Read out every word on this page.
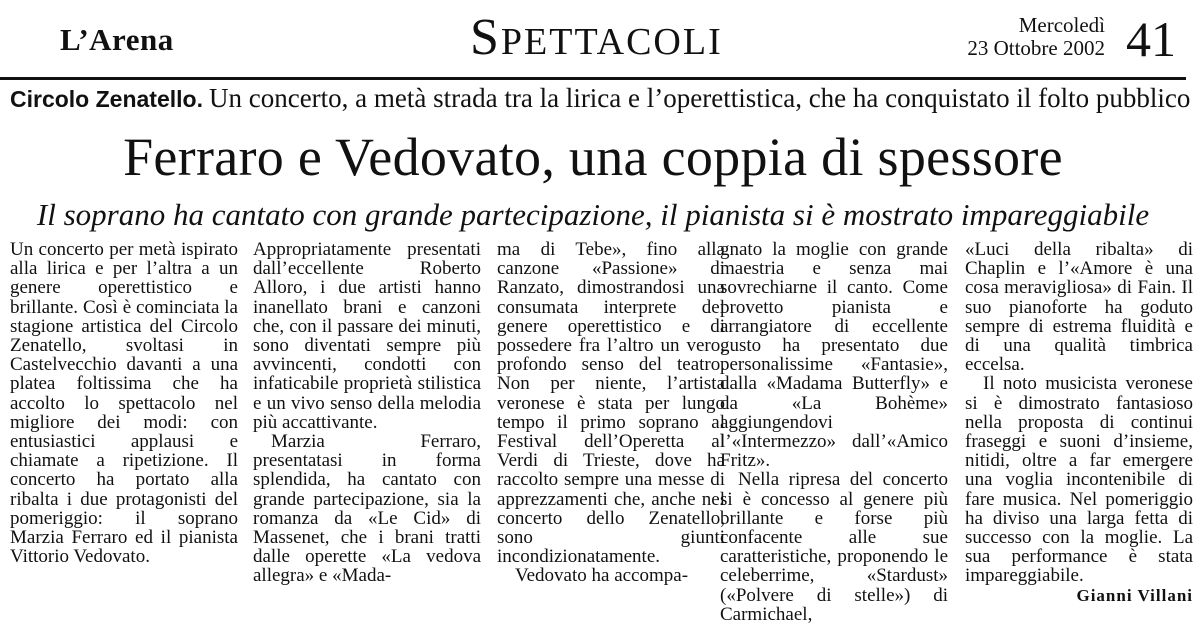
L’Arena	SPETTACOLI	Mercoledì
23 Ottobre 2002 41
Circolo Zenatello. Un concerto, a metà strada tra la lirica e l’operettistica, che ha conquistato il folto pubblico
Ferraro e Vedovato, una coppia di spessore
Il soprano ha cantato con grande partecipazione, il pianista si è mostrato impareggiabile

Un concerto per metà ispirato alla lirica e per l’altra a un genere operettistico e brillante. Così è cominciata la stagione artistica del Circolo Zenatello, svoltasi in Castelvecchio davanti a una platea foltissima che ha accolto lo spettacolo nel migliore dei modi: con entusiastici applausi e chiamate a ripetizione. Il concerto ha portato alla ribalta i due protagonisti del pomeriggio: il soprano Marzia Ferraro ed il pianista Vittorio Vedovato.

Appropriatamente presentati dall’eccellente Roberto Alloro, i due artisti hanno inanellato brani e canzoni che, con il passare dei minuti, sono diventati sempre più avvincenti, condotti con infaticabile proprietà stilistica e un vivo senso della melodia più accattivante.

Marzia Ferraro, presentatasi in forma splendida, ha cantato con grande partecipazione, sia la romanza da «Le Cid» di Massenet, che i brani tratti dalle operette «La vedova allegra» e «Mada-

ma di Tebe», fino alla canzone «Passione» di Ranzato, dimostrandosi una consumata interprete del genere operettistico e di possedere fra l’altro un vero, profondo senso del teatro. Non per niente, l’artista veronese è stata per lungo tempo il primo soprano al Festival dell’Operetta al Verdi di Trieste, dove ha raccolto sempre una messe di apprezzamenti che, anche nel concerto dello Zenatello, sono giunti incondizionatamente.

Vedovato ha accompa-

gnato la moglie con grande maestria e senza mai sovrechiarne il canto. Come provetto pianista e arrangiatore di eccellente gusto ha presentato due personalissime «Fantasie», dalla «Madama Butterfly» e da «La Bohème» aggiungendovi l’«Intermezzo» dall’«Amico Fritz».

Nella ripresa del concerto si è concesso al genere più brillante e forse più confacente alle sue caratteristiche, proponendo le celeberrime, «Stardust» («Polvere di stelle») di Carmichael,

«Luci della ribalta» di Chaplin e l’«Amore è una cosa meravigliosa» di Fain. Il suo pianoforte ha goduto sempre di estrema fluidità e di una qualità timbrica eccelsa.

Il noto musicista veronese si è dimostrato fantasioso nella proposta di continui fraseggi e suoni d’insieme, nitidi, oltre a far emergere una voglia incontenibile di fare musica. Nel pomeriggio ha diviso una larga fetta di successo con la moglie. La sua performance è stata impareggiabile.

Gianni Villani
